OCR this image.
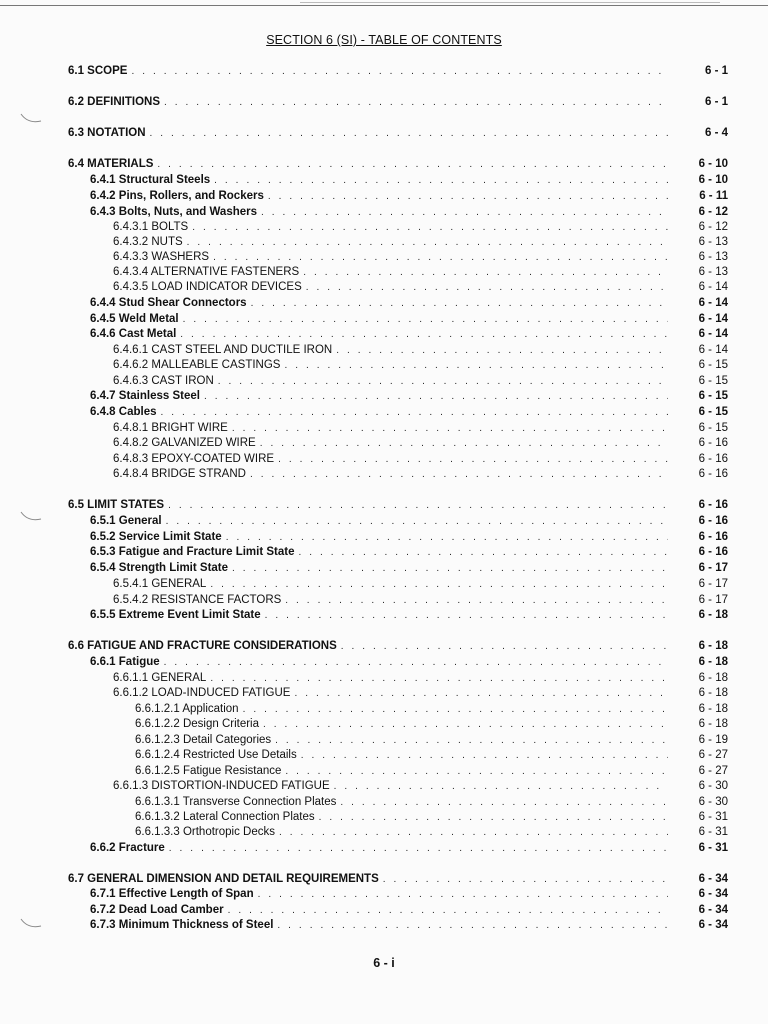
SECTION 6 (SI) - TABLE OF CONTENTS
6.1 SCOPE . . .	6 - 1
6.2 DEFINITIONS . . .	6 - 1
6.3 NOTATION . . .	6 - 4
6.4 MATERIALS . . .	6 - 10
6.4.1 Structural Steels . . .	6 - 10
6.4.2 Pins, Rollers, and Rockers . . .	6 - 11
6.4.3 Bolts, Nuts, and Washers . . .	6 - 12
6.4.3.1 BOLTS . . .	6 - 12
6.4.3.2 NUTS . . .	6 - 13
6.4.3.3 WASHERS . . .	6 - 13
6.4.3.4 ALTERNATIVE FASTENERS . . .	6 - 13
6.4.3.5 LOAD INDICATOR DEVICES . . .	6 - 14
6.4.4 Stud Shear Connectors . . .	6 - 14
6.4.5 Weld Metal . . .	6 - 14
6.4.6 Cast Metal . . .	6 - 14
6.4.6.1 CAST STEEL AND DUCTILE IRON . . .	6 - 14
6.4.6.2 MALLEABLE CASTINGS . . .	6 - 15
6.4.6.3 CAST IRON . . .	6 - 15
6.4.7 Stainless Steel . . .	6 - 15
6.4.8 Cables . . .	6 - 15
6.4.8.1 BRIGHT WIRE . . .	6 - 15
6.4.8.2 GALVANIZED WIRE . . .	6 - 16
6.4.8.3 EPOXY-COATED WIRE . . .	6 - 16
6.4.8.4 BRIDGE STRAND . . .	6 - 16
6.5 LIMIT STATES . . .	6 - 16
6.5.1 General . . .	6 - 16
6.5.2 Service Limit State . . .	6 - 16
6.5.3 Fatigue and Fracture Limit State . . .	6 - 16
6.5.4 Strength Limit State . . .	6 - 17
6.5.4.1 GENERAL . . .	6 - 17
6.5.4.2 RESISTANCE FACTORS . . .	6 - 17
6.5.5 Extreme Event Limit State . . .	6 - 18
6.6 FATIGUE AND FRACTURE CONSIDERATIONS . . .	6 - 18
6.6.1 Fatigue . . .	6 - 18
6.6.1.1 GENERAL . . .	6 - 18
6.6.1.2 LOAD-INDUCED FATIGUE . . .	6 - 18
6.6.1.2.1 Application . . .	6 - 18
6.6.1.2.2 Design Criteria . . .	6 - 18
6.6.1.2.3 Detail Categories . . .	6 - 19
6.6.1.2.4 Restricted Use Details . . .	6 - 27
6.6.1.2.5 Fatigue Resistance . . .	6 - 27
6.6.1.3 DISTORTION-INDUCED FATIGUE . . .	6 - 30
6.6.1.3.1 Transverse Connection Plates . . .	6 - 30
6.6.1.3.2 Lateral Connection Plates . . .	6 - 31
6.6.1.3.3 Orthotropic Decks . . .	6 - 31
6.6.2 Fracture . . .	6 - 31
6.7 GENERAL DIMENSION AND DETAIL REQUIREMENTS . . .	6 - 34
6.7.1 Effective Length of Span . . .	6 - 34
6.7.2 Dead Load Camber . . .	6 - 34
6.7.3 Minimum Thickness of Steel . . .	6 - 34
6 - i
